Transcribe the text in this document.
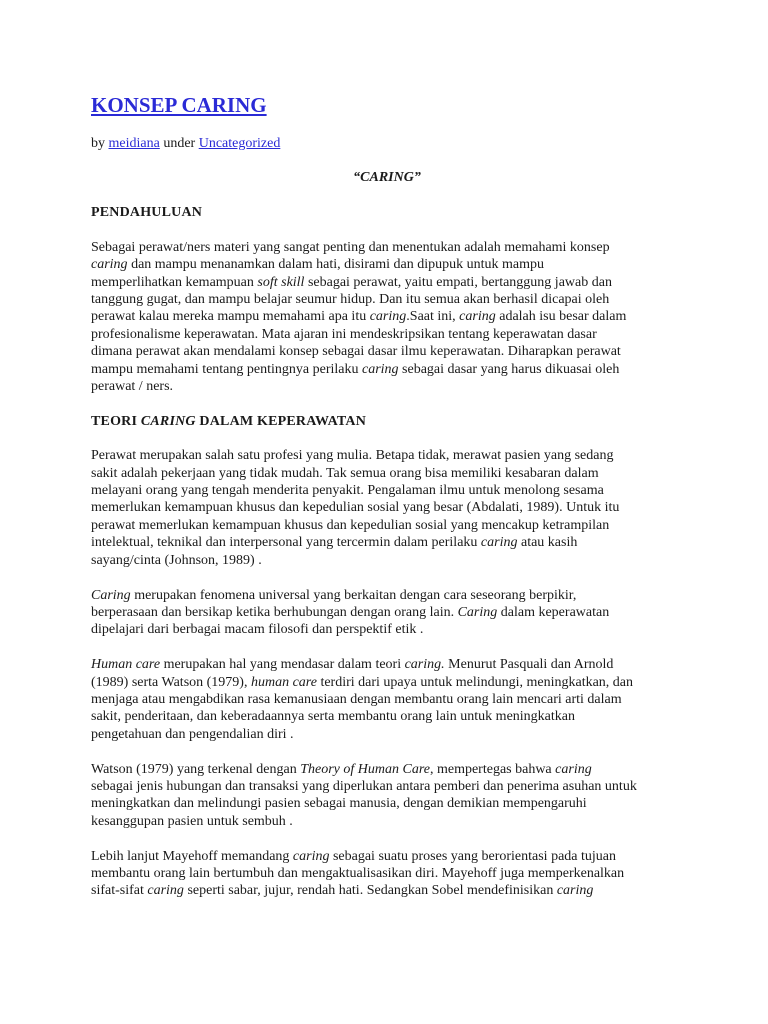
KONSEP CARING

by meidiana under Uncategorized

“CARING”

PENDAHULUAN

Sebagai perawat/ners materi yang sangat penting dan menentukan adalah memahami konsep
caring dan mampu menanamkan dalam hati, disirami dan dipupuk untuk mampu
memperlihatkan kemampuan soft skill sebagai perawat, yaitu empati, bertanggung jawab dan
tanggung gugat, dan mampu belajar seumur hidup. Dan itu semua akan berhasil dicapai oleh
perawat kalau mereka mampu memahami apa itu caring.Saat ini, caring adalah isu besar dalam
profesionalisme keperawatan. Mata ajaran ini mendeskripsikan tentang keperawatan dasar
dimana perawat akan mendalami konsep sebagai dasar ilmu keperawatan. Diharapkan perawat
mampu memahami tentang pentingnya perilaku caring sebagai dasar yang harus dikuasai oleh
perawat / ners.

TEORI CARING DALAM KEPERAWATAN

Perawat merupakan salah satu profesi yang mulia. Betapa tidak, merawat pasien yang sedang
sakit adalah pekerjaan yang tidak mudah. Tak semua orang bisa memiliki kesabaran dalam
melayani orang yang tengah menderita penyakit. Pengalaman ilmu untuk menolong sesama
memerlukan kemampuan khusus dan kepedulian sosial yang besar (Abdalati, 1989). Untuk itu
perawat memerlukan kemampuan khusus dan kepedulian sosial yang mencakup ketrampilan
intelektual, teknikal dan interpersonal yang tercermin dalam perilaku caring atau kasih
sayang/cinta (Johnson, 1989) .

Caring merupakan fenomena universal yang berkaitan dengan cara seseorang berpikir,
berperasaan dan bersikap ketika berhubungan dengan orang lain. Caring dalam keperawatan
dipelajari dari berbagai macam filosofi dan perspektif etik .

Human care merupakan hal yang mendasar dalam teori caring. Menurut Pasquali dan Arnold
(1989) serta Watson (1979), human care terdiri dari upaya untuk melindungi, meningkatkan, dan
menjaga atau mengabdikan rasa kemanusiaan dengan membantu orang lain mencari arti dalam
sakit, penderitaan, dan keberadaannya serta membantu orang lain untuk meningkatkan
pengetahuan dan pengendalian diri .

Watson (1979) yang terkenal dengan Theory of Human Care, mempertegas bahwa caring
sebagai jenis hubungan dan transaksi yang diperlukan antara pemberi dan penerima asuhan untuk
meningkatkan dan melindungi pasien sebagai manusia, dengan demikian mempengaruhi
kesanggupan pasien untuk sembuh .

Lebih lanjut Mayehoff memandang caring sebagai suatu proses yang berorientasi pada tujuan
membantu orang lain bertumbuh dan mengaktualisasikan diri. Mayehoff juga memperkenalkan
sifat-sifat caring seperti sabar, jujur, rendah hati. Sedangkan Sobel mendefinisikan caring
